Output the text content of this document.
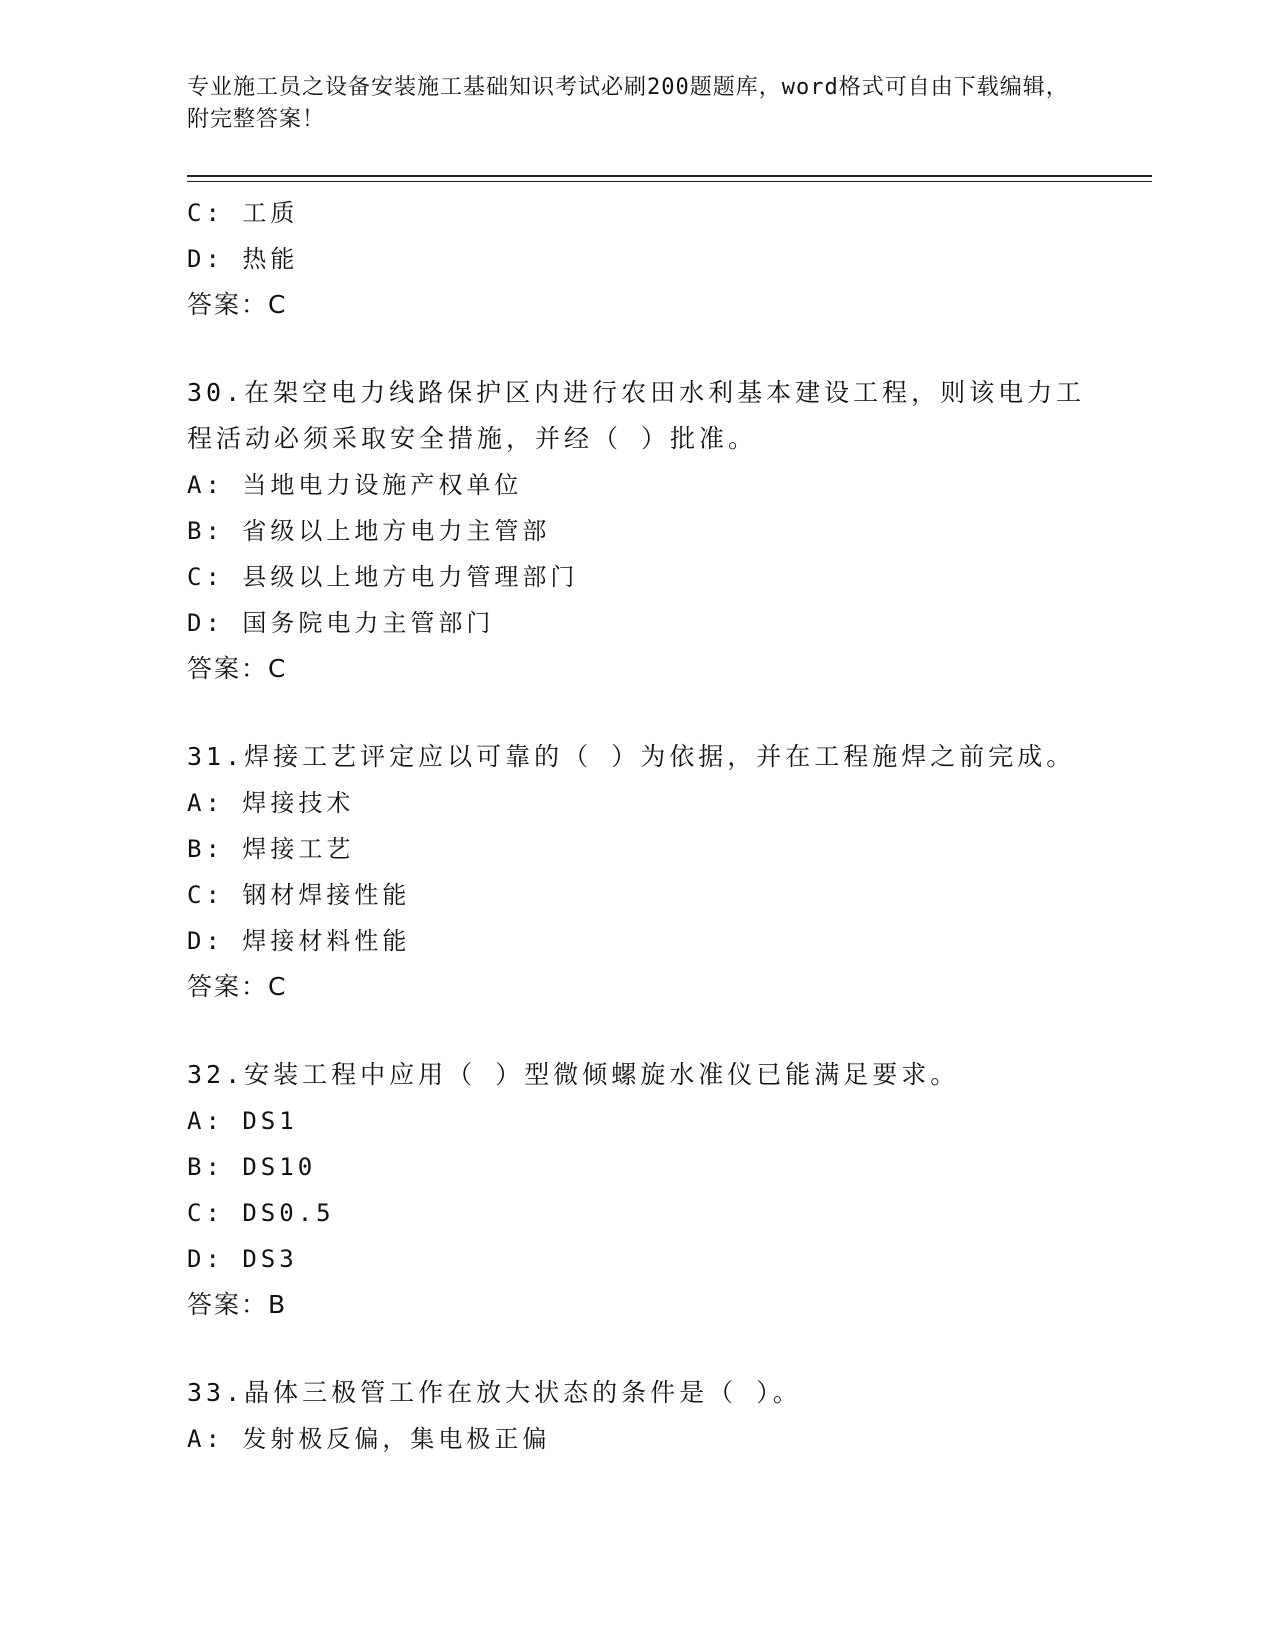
专业施工员之设备安装施工基础知识考试必刷200题题库，word格式可自由下载编辑，附完整答案！
C: 工质
D: 热能
答案：C
30.在架空电力线路保护区内进行农田水利基本建设工程，则该电力工程活动必须采取安全措施，并经（ ）批准。
A: 当地电力设施产权单位
B: 省级以上地方电力主管部
C: 县级以上地方电力管理部门
D: 国务院电力主管部门
答案：C
31.焊接工艺评定应以可靠的（ ）为依据，并在工程施焊之前完成。
A: 焊接技术
B: 焊接工艺
C: 钢材焊接性能
D: 焊接材料性能
答案：C
32.安装工程中应用（ ）型微倾螺旋水准仪已能满足要求。
A: DS1
B: DS10
C: DS0.5
D: DS3
答案：B
33.晶体三极管工作在放大状态的条件是（ ）。
A: 发射极反偏，集电极正偏
